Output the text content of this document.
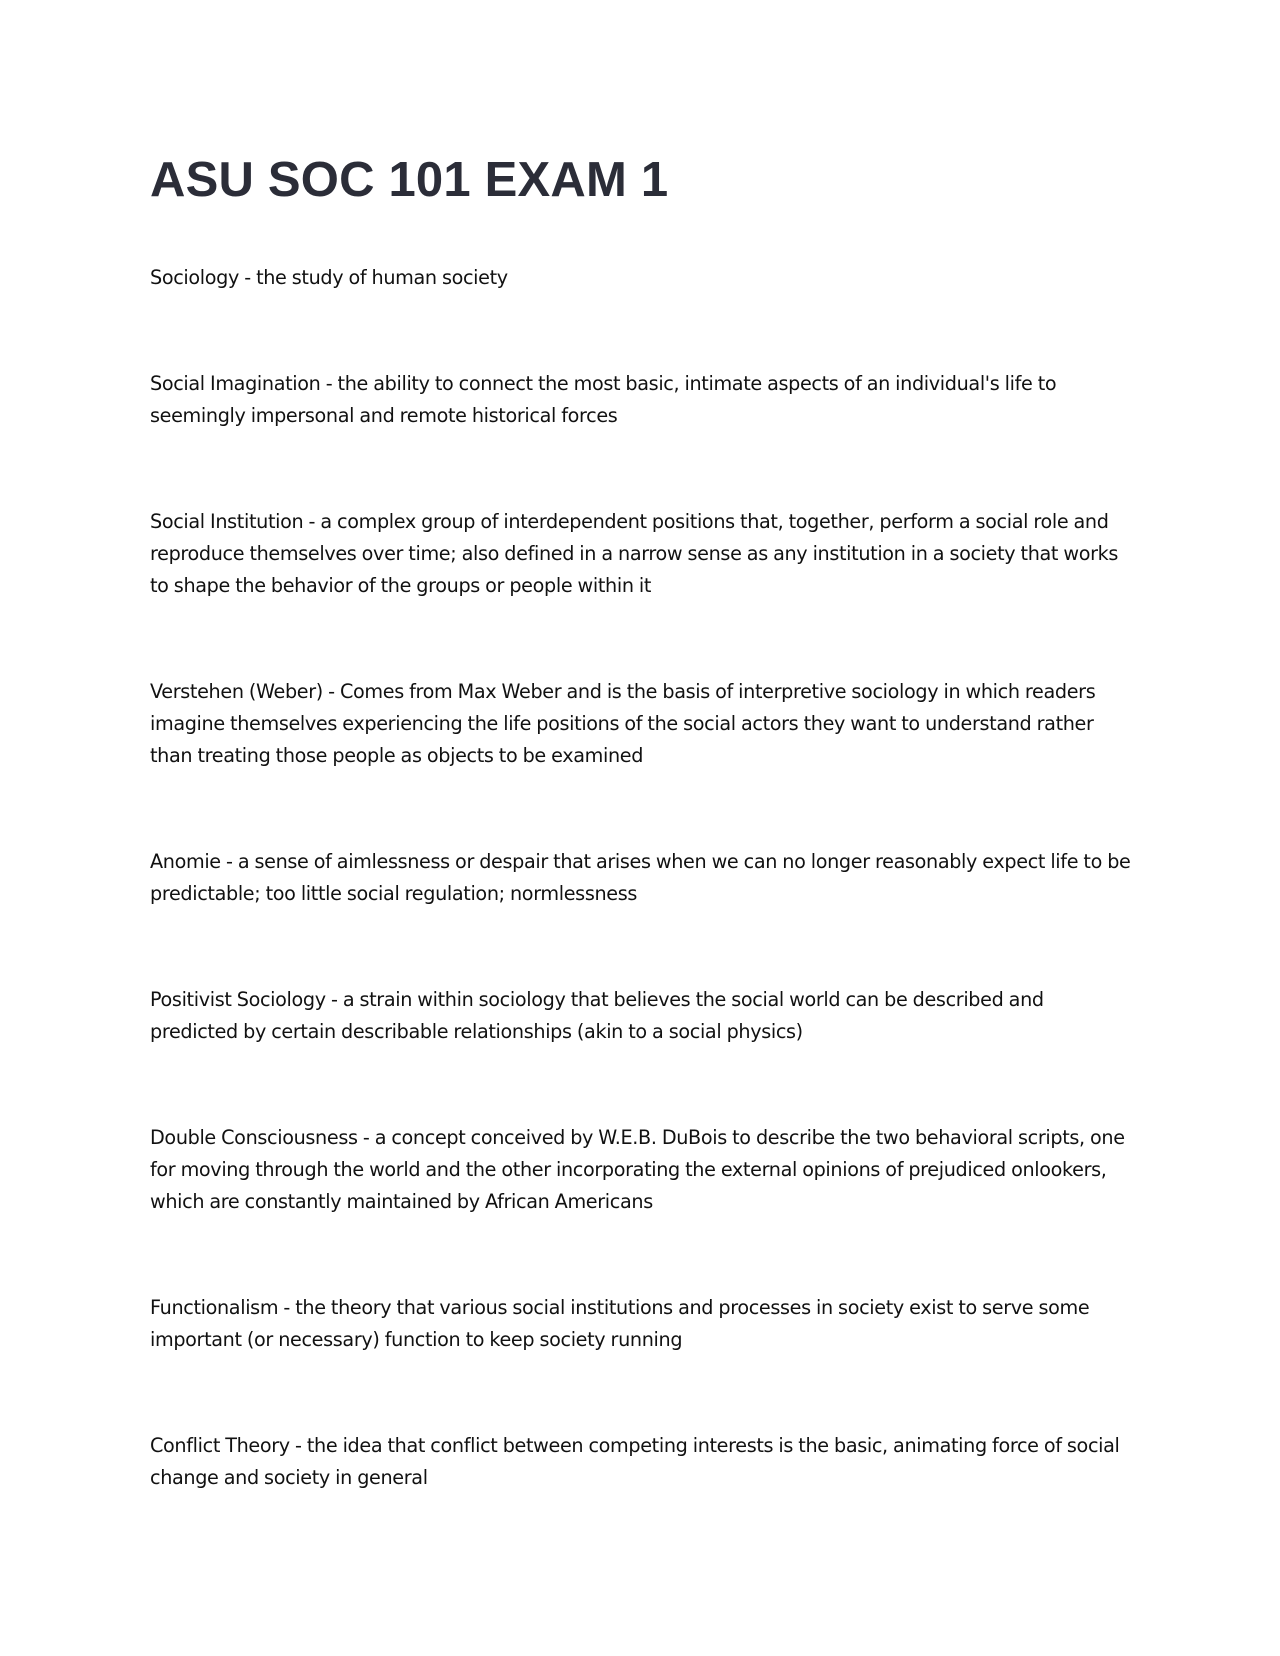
ASU SOC 101 EXAM 1

Sociology - the study of human society

Social Imagination - the ability to connect the most basic, intimate aspects of an individual's life to seemingly impersonal and remote historical forces

Social Institution - a complex group of interdependent positions that, together, perform a social role and reproduce themselves over time; also defined in a narrow sense as any institution in a society that works to shape the behavior of the groups or people within it

Verstehen (Weber) - Comes from Max Weber and is the basis of interpretive sociology in which readers imagine themselves experiencing the life positions of the social actors they want to understand rather than treating those people as objects to be examined

Anomie - a sense of aimlessness or despair that arises when we can no longer reasonably expect life to be predictable; too little social regulation; normlessness

Positivist Sociology - a strain within sociology that believes the social world can be described and predicted by certain describable relationships (akin to a social physics)

Double Consciousness - a concept conceived by W.E.B. DuBois to describe the two behavioral scripts, one for moving through the world and the other incorporating the external opinions of prejudiced onlookers, which are constantly maintained by African Americans

Functionalism - the theory that various social institutions and processes in society exist to serve some important (or necessary) function to keep society running

Conflict Theory - the idea that conflict between competing interests is the basic, animating force of social change and society in general
